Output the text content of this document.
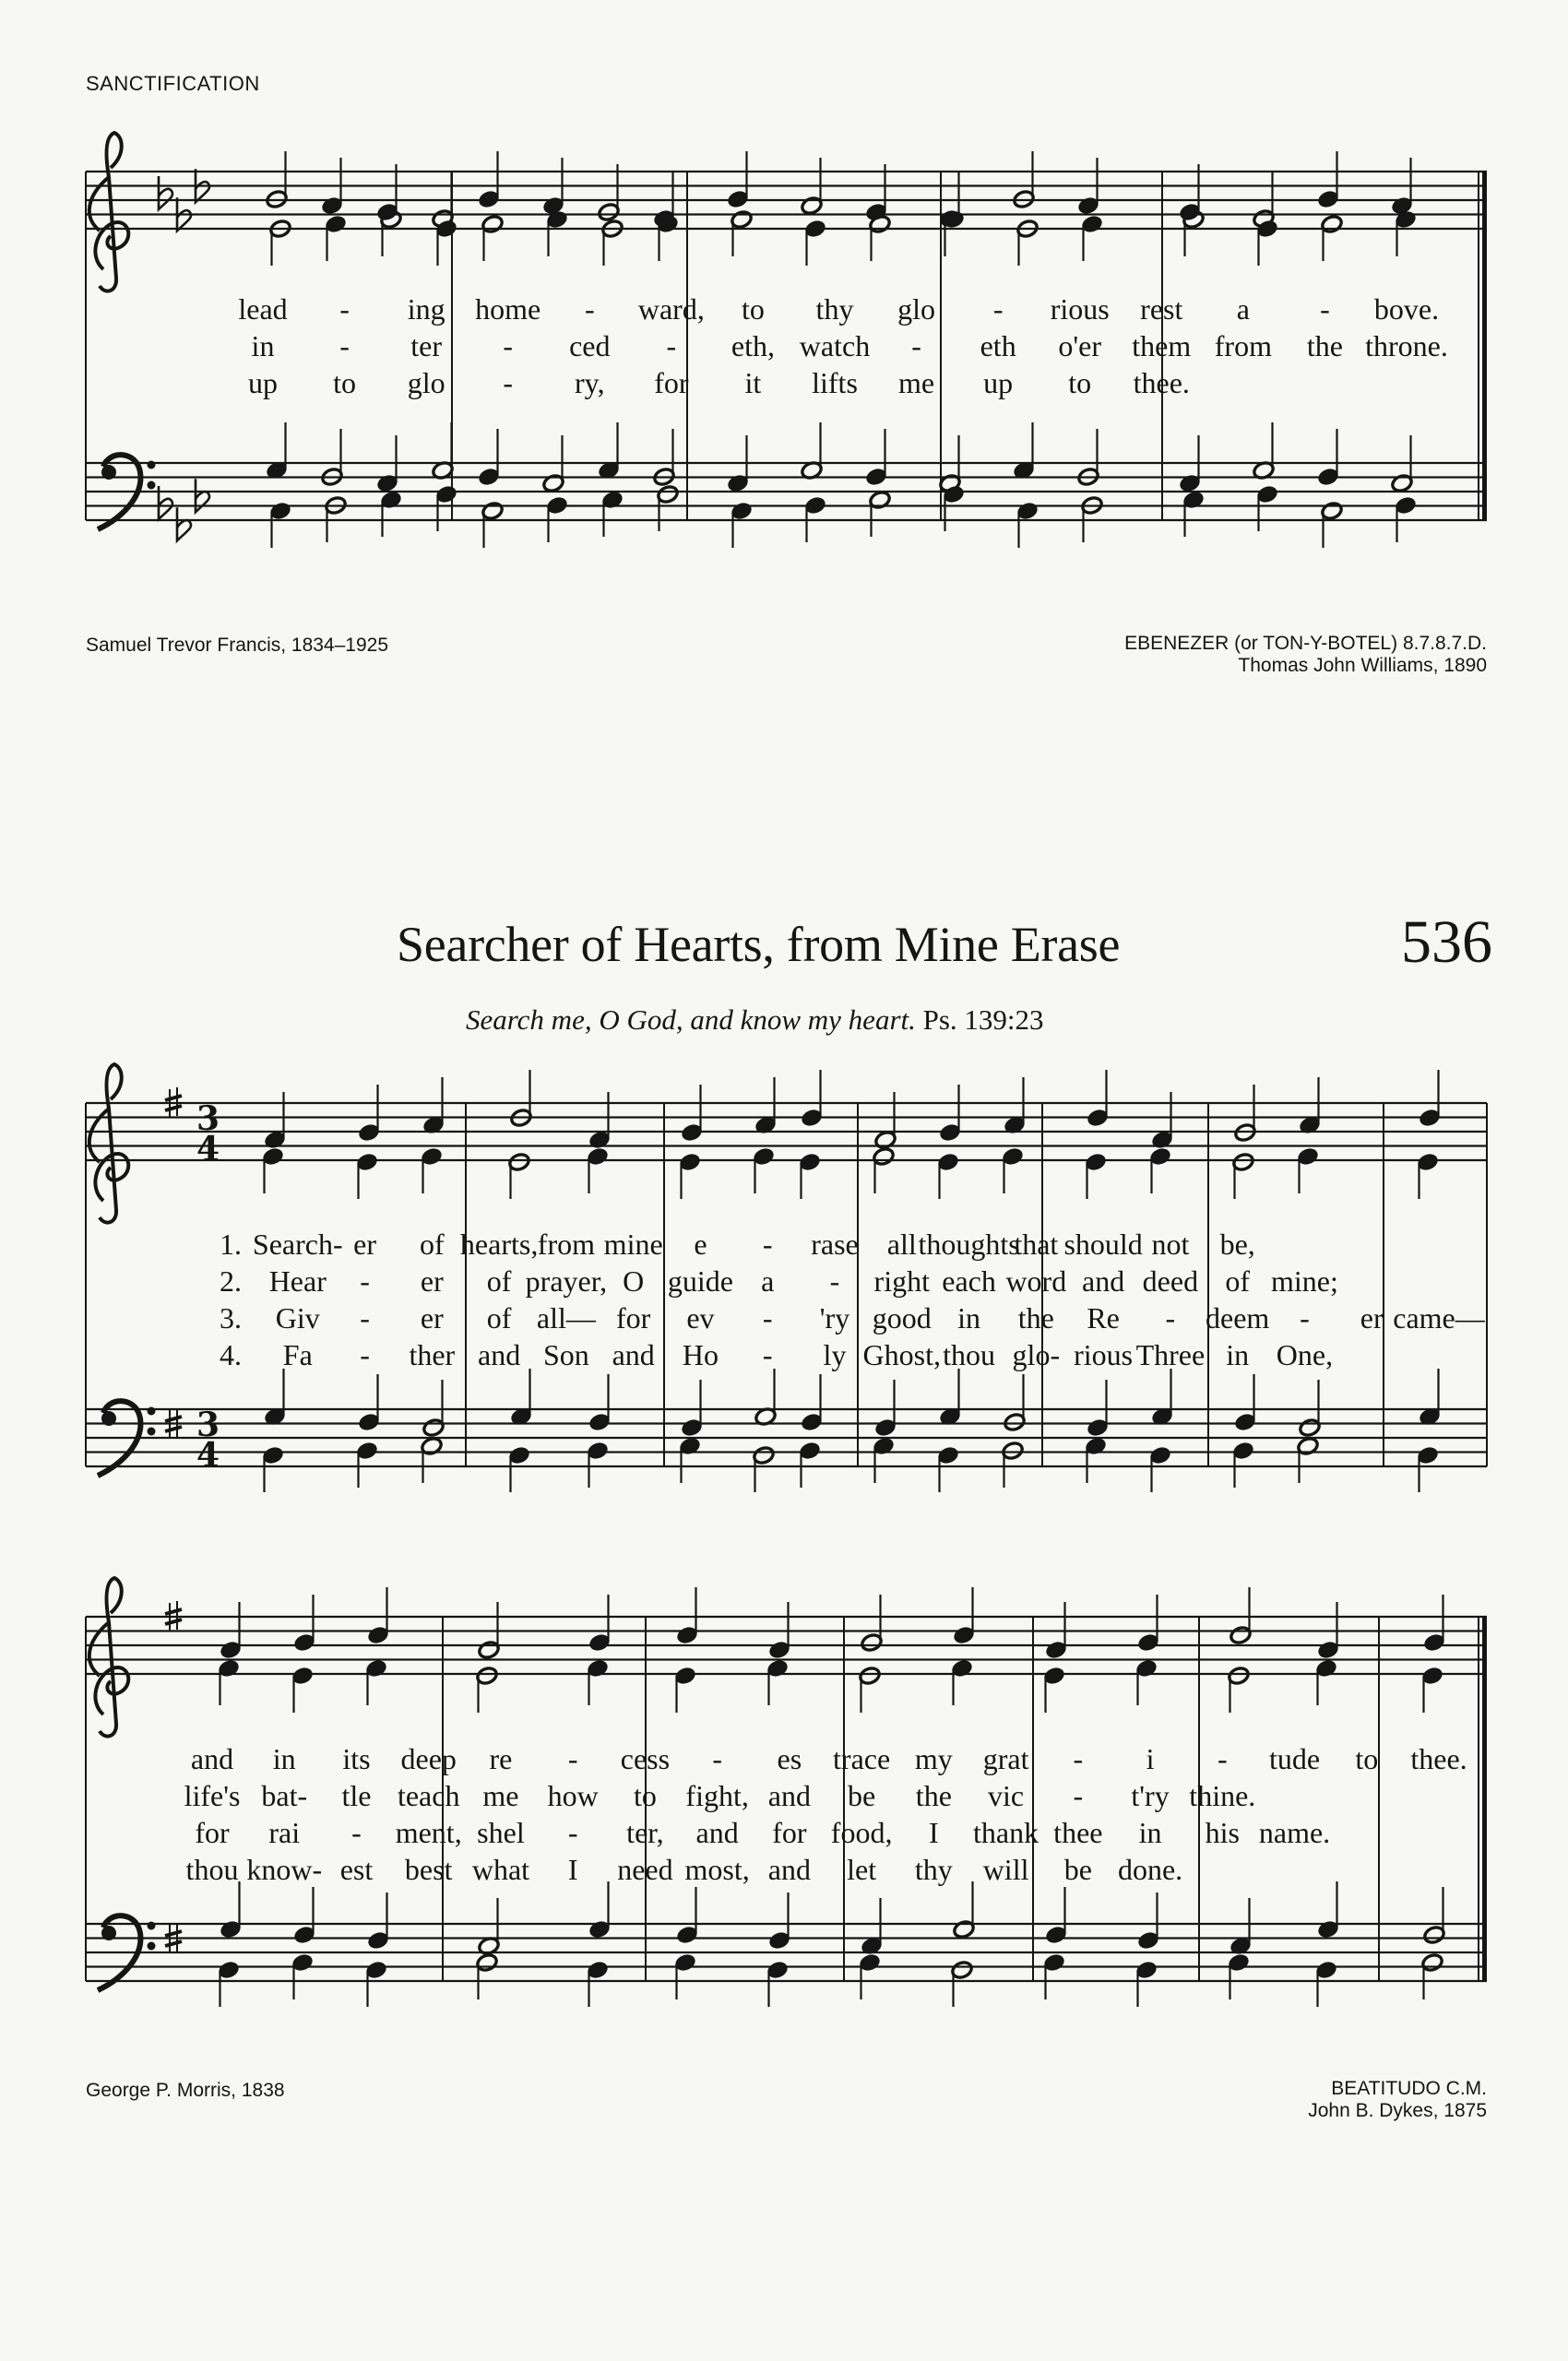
SANCTIFICATION
Samuel Trevor Francis, 1834–1925	EBENEZER (or TON-Y-BOTEL) 8.7.8.7.D.
Thomas John Williams, 1890
Searcher of Hearts, from Mine Erase	536
Search me, O God, and know my heart. Ps. 139:23
George P. Morris, 1838	BEATITUDO C.M.
John B. Dykes, 1875
lead - ing home - ward, to thy glo - rious rest a - bove.
in - ter - ced - eth, watch - eth o'er them from the throne.
up to glo - ry, for it lifts me up to thee.
1. Search- er of hearts, from mine e - rase all thoughts
that should not be,
2. Hear - er of prayer, O guide a - right each word and deed of mine;
3. Giv - er of all— for ev - 'ry good in the Re - deem - er came—
4. Fa - ther and Son and Ho - ly Ghost, thou glo- rious Three in One,
3
4
3
4
and in its deep re - cess - es trace my grat - i - tude to thee.
life's bat- tle teach me how to fight, and be the vic - t'ry thine.
for rai - ment, shel - ter, and for food, I thank thee in his name.
thou know- est best what I need most, and let thy will be done.
